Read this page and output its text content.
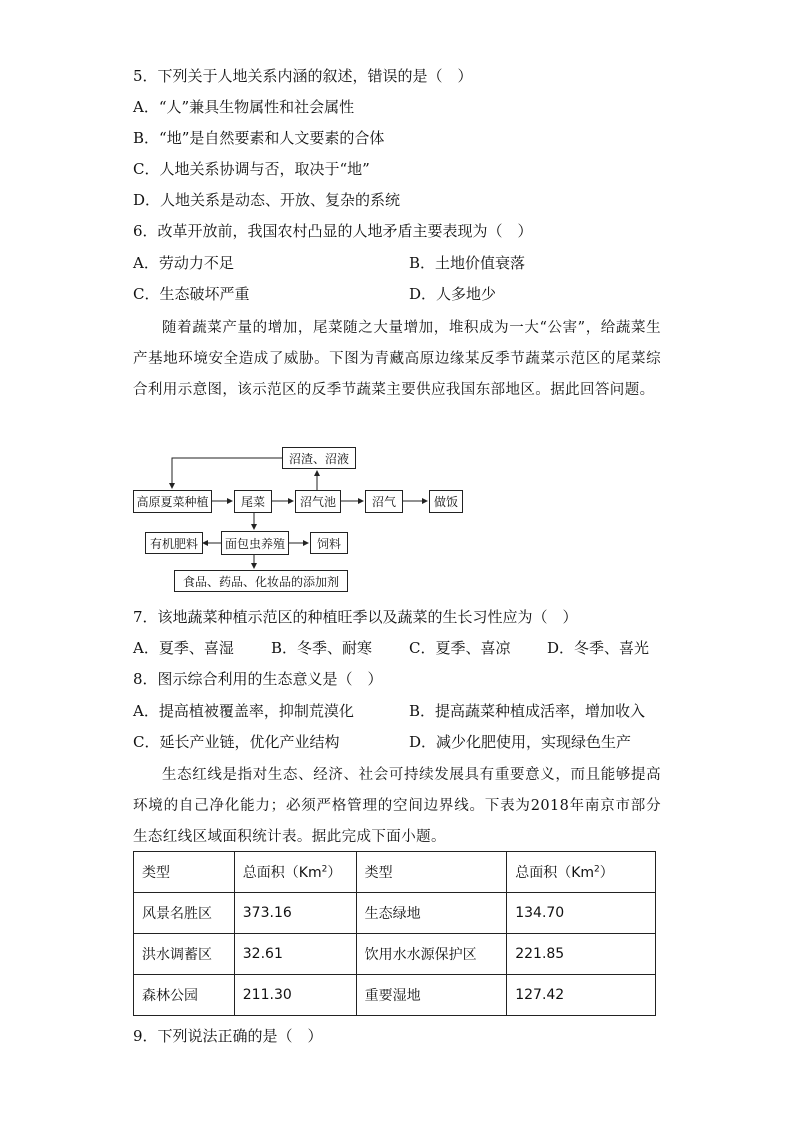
5．下列关于人地关系内涵的叙述，错误的是（　）
A．“人”兼具生物属性和社会属性
B．“地”是自然要素和人文要素的合体
C．人地关系协调与否，取决于“地”
D．人地关系是动态、开放、复杂的系统
6．改革开放前，我国农村凸显的人地矛盾主要表现为（　）
A．劳动力不足	B．土地价值衰落
C．生态破坏严重	D．人多地少
随着蔬菜产量的增加，尾菜随之大量增加，堆积成为一大“公害”，给蔬菜生产基地环境安全造成了威胁。下图为青藏高原边缘某反季节蔬菜示范区的尾菜综合利用示意图，该示范区的反季节蔬菜主要供应我国东部地区。据此回答问题。
沼渣、沼液
高原夏菜种植	尾菜	沼气池	沼气	做饭
有机肥料	面包虫养殖	饲料
食品、药品、化妆品的添加剂
7．该地蔬菜种植示范区的种植旺季以及蔬菜的生长习性应为（　）
A．夏季、喜湿 B．冬季、耐寒 C．夏季、喜凉 D．冬季、喜光
8．图示综合利用的生态意义是（　）
A．提高植被覆盖率，抑制荒漠化	B．提高蔬菜种植成活率，增加收入
C．延长产业链，优化产业结构	D．减少化肥使用，实现绿色生产
生态红线是指对生态、经济、社会可持续发展具有重要意义，而且能够提高环境的自己净化能力；必须严格管理的空间边界线。下表为2018年南京市部分生态红线区域面积统计表。据此完成下面小题。
类型	总面积（Km$^2$）	类型	总面积（Km$^2$）
风景名胜区	373.16	生态绿地	134.70
洪水调蓄区	32.61	饮用水水源保护区	221.85
森林公园	211.30	重要湿地	127.42
9．下列说法正确的是（　）
